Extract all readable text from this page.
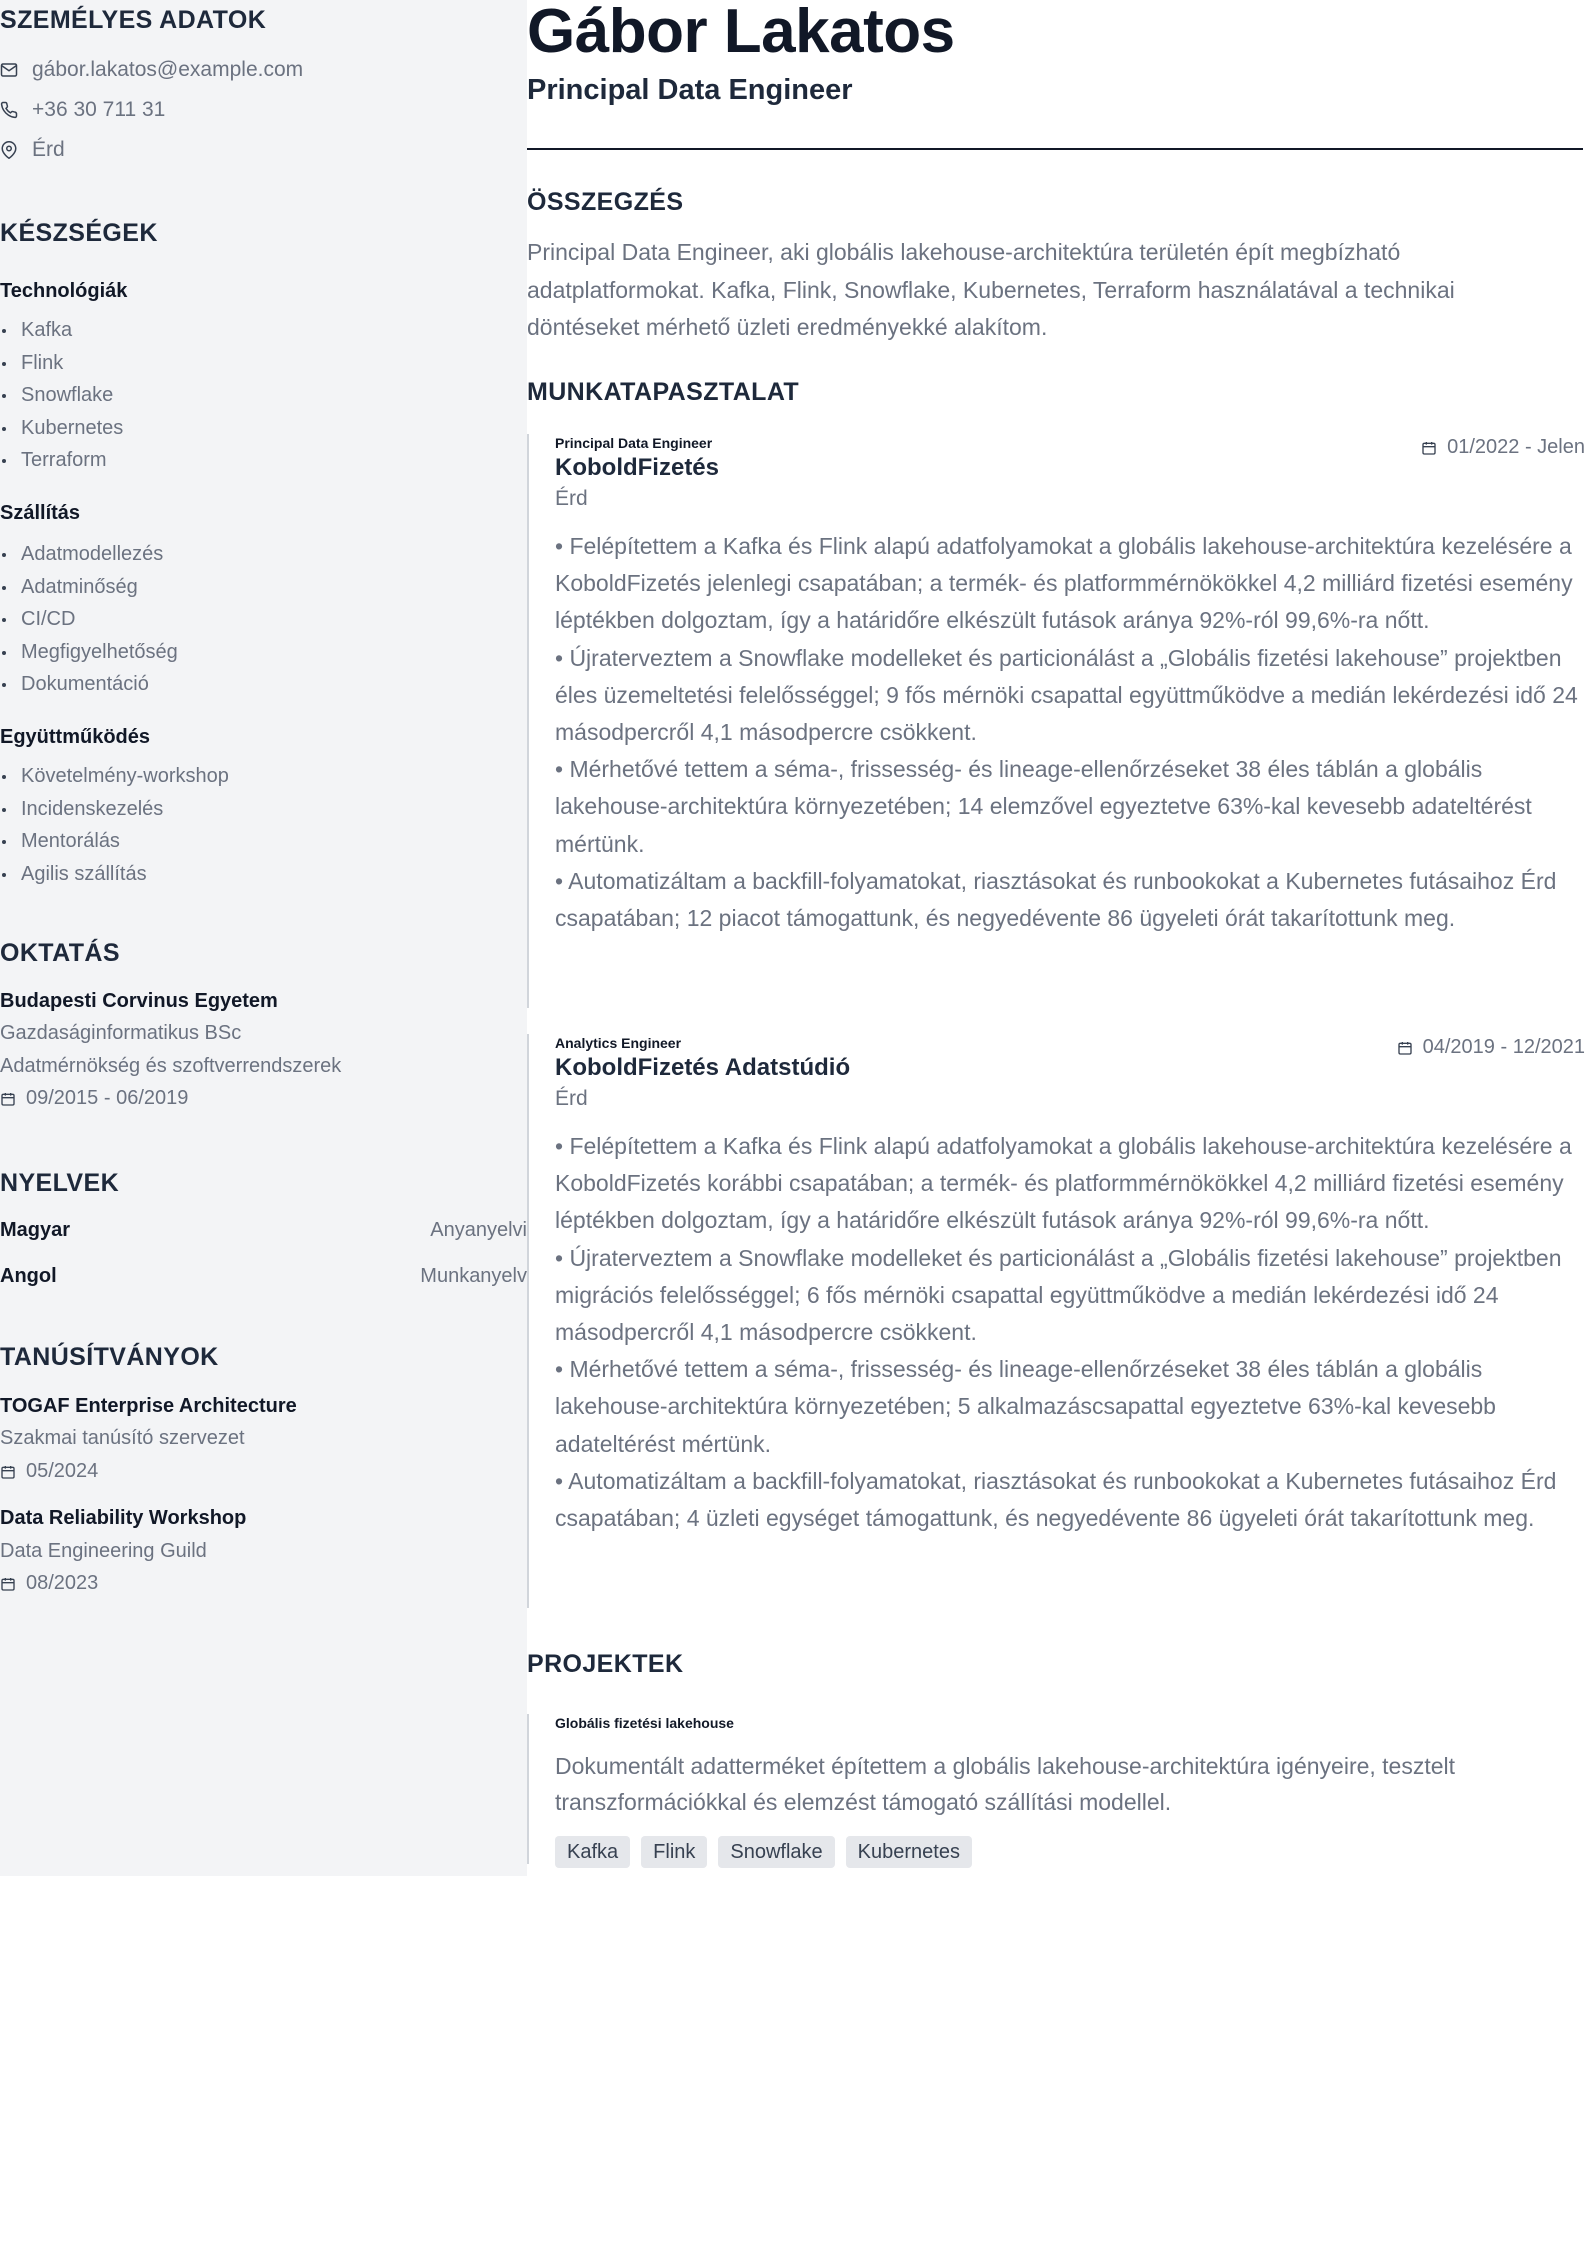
SZEMÉLYES ADATOK
gábor.lakatos@example.com
+36 30 711 31
Érd
KÉSZSÉGEK
Technológiák
Kafka
Flink
Snowflake
Kubernetes
Terraform
Szállítás
Adatmodellezés
Adatminőség
CI/CD
Megfigyelhetőség
Dokumentáció
Együttműködés
Követelmény-workshop
Incidenskezelés
Mentorálás
Agilis szállítás
OKTATÁS
Budapesti Corvinus Egyetem
Gazdaságinformatikus BSc
Adatmérnökség és szoftverrendszerek
09/2015 - 06/2019
NYELVEK
Magyar	Anyanyelvi
Angol	Munkanyelv
TANÚSÍTVÁNYOK
TOGAF Enterprise Architecture
Szakmai tanúsító szervezet
05/2024
Data Reliability Workshop
Data Engineering Guild
08/2023
Gábor Lakatos
Principal Data Engineer
ÖSSZEGZÉS

Principal Data Engineer, aki globális lakehouse-architektúra területén épít megbízható adatplatformokat. Kafka, Flink, Snowflake, Kubernetes, Terraform használatával a technikai döntéseket mérhető üzleti eredményekké alakítom.

MUNKATAPASZTALAT

Principal Data Engineer

KoboldFizetés

Érd

01/2022 - Jelen
• Felépítettem a Kafka és Flink alapú adatfolyamokat a globális lakehouse-architektúra kezelésére a KoboldFizetés jelenlegi csapatában; a termék- és platformmérnökökkel 4,2 milliárd fizetési esemény léptékben dolgoztam, így a határidőre elkészült futások aránya 92%-ról 99,6%-ra nőtt.
• Újraterveztem a Snowflake modelleket és particionálást a „Globális fizetési lakehouse” projektben éles üzemeltetési felelősséggel; 9 fős mérnöki csapattal együttműködve a medián lekérdezési idő 24 másodpercről 4,1 másodpercre csökkent.
• Mérhetővé tettem a séma-, frissesség- és lineage-ellenőrzéseket 38 éles táblán a globális lakehouse-architektúra környezetében; 14 elemzővel egyeztetve 63%-kal kevesebb adateltérést mértünk.
• Automatizáltam a backfill-folyamatokat, riasztásokat és runbookokat a Kubernetes futásaihoz Érd csapatában; 12 piacot támogattunk, és negyedévente 86 ügyeleti órát takarítottunk meg.

Analytics Engineer

KoboldFizetés Adatstúdió

Érd

04/2019 - 12/2021
• Felépítettem a Kafka és Flink alapú adatfolyamokat a globális lakehouse-architektúra kezelésére a KoboldFizetés korábbi csapatában; a termék- és platformmérnökökkel 4,2 milliárd fizetési esemény léptékben dolgoztam, így a határidőre elkészült futások aránya 92%-ról 99,6%-ra nőtt.
• Újraterveztem a Snowflake modelleket és particionálást a „Globális fizetési lakehouse” projektben migrációs felelősséggel; 6 fős mérnöki csapattal együttműködve a medián lekérdezési idő 24 másodpercről 4,1 másodpercre csökkent.
• Mérhetővé tettem a séma-, frissesség- és lineage-ellenőrzéseket 38 éles táblán a globális lakehouse-architektúra környezetében; 5 alkalmazáscsapattal egyeztetve 63%-kal kevesebb adateltérést mértünk.
• Automatizáltam a backfill-folyamatokat, riasztásokat és runbookokat a Kubernetes futásaihoz Érd csapatában; 4 üzleti egységet támogattunk, és negyedévente 86 ügyeleti órát takarítottunk meg.
PROJEKTEK

Globális fizetési lakehouse

Dokumentált adatterméket építettem a globális lakehouse-architektúra igényeire, tesztelt transzformációkkal és elemzést támogató szállítási modellel.

Kafka	Flink	Snowflake	Kubernetes
